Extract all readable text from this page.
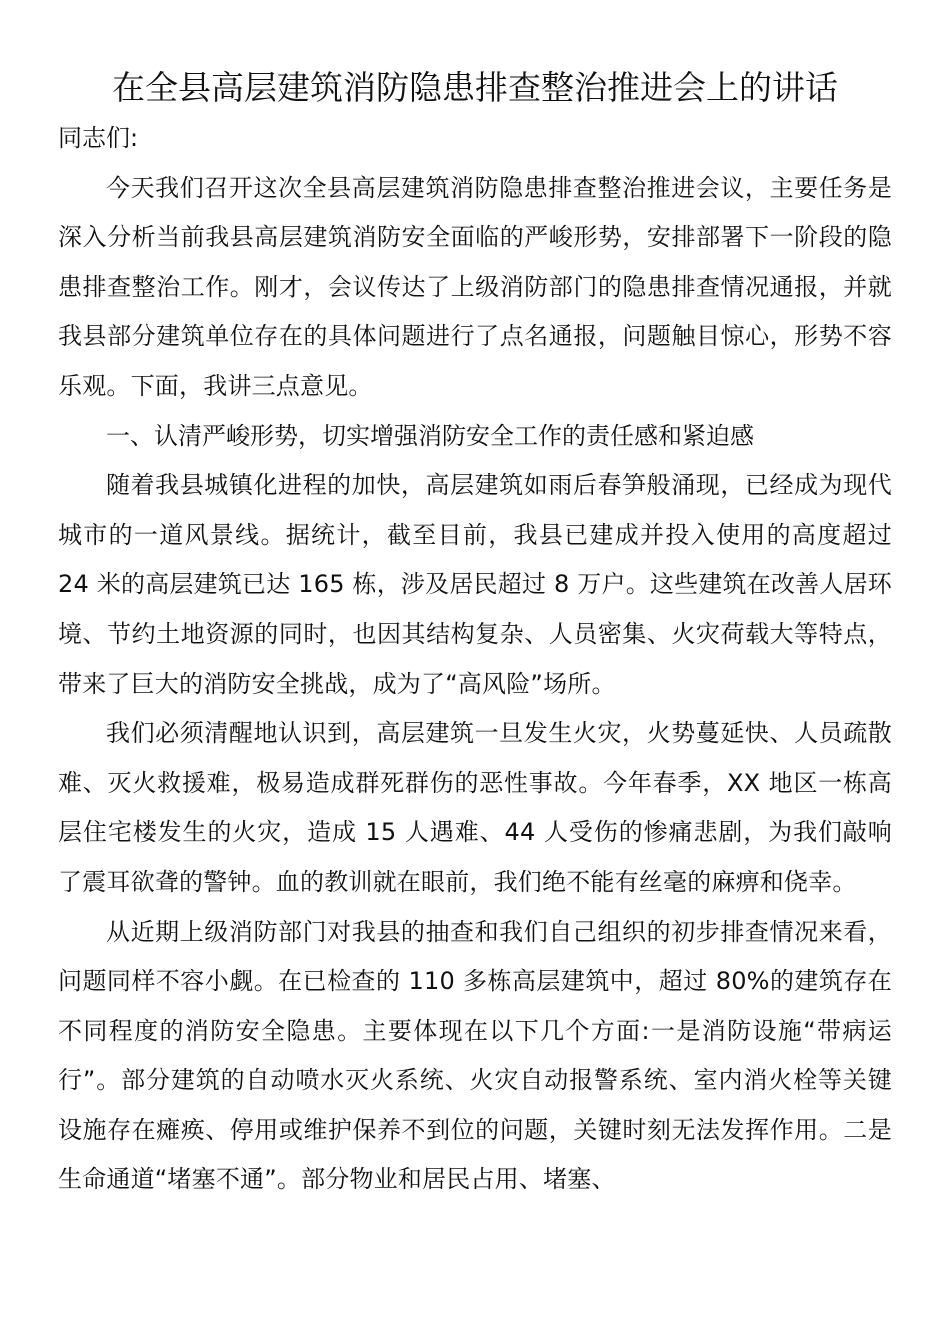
在全县高层建筑消防隐患排查整治推进会上的讲话

同志们:

今天我们召开这次全县高层建筑消防隐患排查整治推进会议，主要任务是深入分析当前我县高层建筑消防安全面临的严峻形势，安排部署下一阶段的隐患排查整治工作。刚才，会议传达了上级消防部门的隐患排查情况通报，并就我县部分建筑单位存在的具体问题进行了点名通报，问题触目惊心，形势不容乐观。下面，我讲三点意见。

一、认清严峻形势，切实增强消防安全工作的责任感和紧迫感

随着我县城镇化进程的加快，高层建筑如雨后春笋般涌现，已经成为现代城市的一道风景线。据统计，截至目前，我县已建成并投入使用的高度超过 24 米的高层建筑已达 165 栋，涉及居民超过 8 万户。这些建筑在改善人居环境、节约土地资源的同时，也因其结构复杂、人员密集、火灾荷载大等特点，带来了巨大的消防安全挑战，成为了“高风险”场所。

我们必须清醒地认识到，高层建筑一旦发生火灾，火势蔓延快、人员疏散难、灭火救援难，极易造成群死群伤的恶性事故。今年春季，XX 地区一栋高层住宅楼发生的火灾，造成 15 人遇难、44 人受伤的惨痛悲剧，为我们敲响了震耳欲聋的警钟。血的教训就在眼前，我们绝不能有丝毫的麻痹和侥幸。

从近期上级消防部门对我县的抽查和我们自己组织的初步排查情况来看，问题同样不容小觑。在已检查的 110 多栋高层建筑中，超过 80%的建筑存在不同程度的消防安全隐患。主要体现在以下几个方面:一是消防设施“带病运行”。部分建筑的自动喷水灭火系统、火灾自动报警系统、室内消火栓等关键设施存在瘫痪、停用或维护保养不到位的问题，关键时刻无法发挥作用。二是生命通道“堵塞不通”。部分物业和居民占用、堵塞、
